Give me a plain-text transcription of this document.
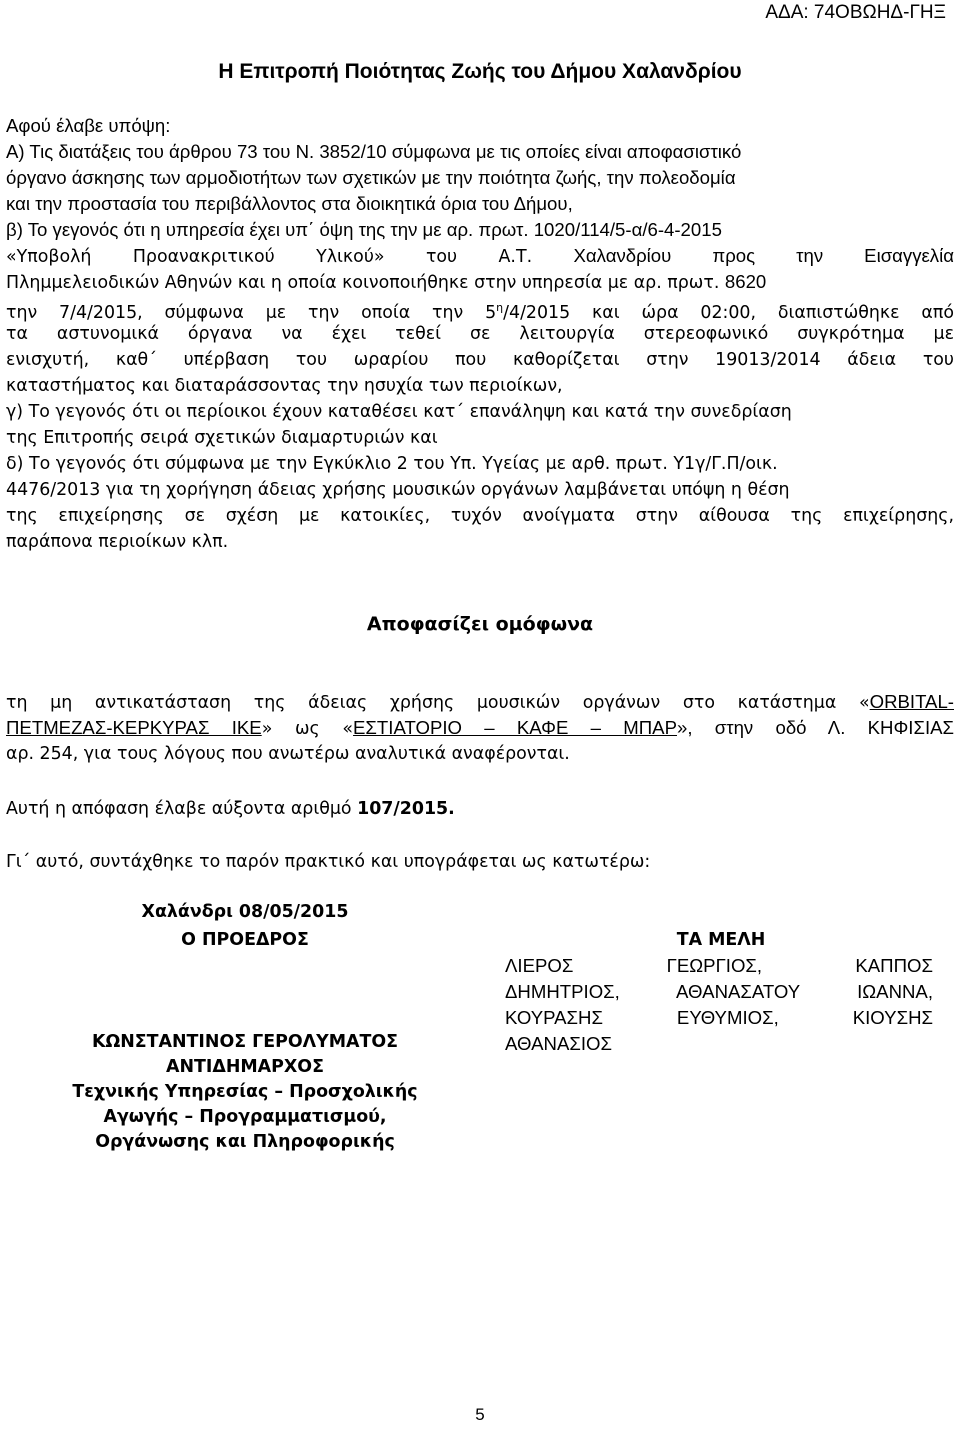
ΑΔΑ: 74ΟΒΩΗΔ-ΓΗΞ
Η Επιτροπή Ποιότητας Ζωής του Δήμου Χαλανδρίου
Αφού έλαβε υπόψη:
Α) Τις διατάξεις του άρθρου 73 του Ν. 3852/10 σύμφωνα με τις οποίες είναι αποφασιστικό
όργανο άσκησης των αρμοδιοτήτων των σχετικών με την ποιότητα ζωής, την πολεοδομία
και την προστασία του περιβάλλοντος στα διοικητικά όρια του Δήμου,
β) Το γεγονός ότι η υπηρεσία έχει υπ΄ όψη της την με αρ. πρωτ. 1020/114/5-α/6-4-2015
«Υποβολή Προανακριτικού Υλικού» του Α.Τ. Χαλανδρίου προς την Εισαγγελία
Πλημμελειοδικών Αθηνών και η οποία κοινοποιήθηκε στην υπηρεσία με αρ. πρωτ. 8620
την 7/4/2015, σύμφωνα με την οποία την $5^\eta/4/2015$ και ώρα 02:00, διαπιστώθηκε από
τα αστυνομικά όργανα να έχει τεθεί σε λειτουργία στερεοφωνικό συγκρότημα με
ενισχυτή, καθ΄ υπέρβαση του ωραρίου που καθορίζεται στην 19013/2014 άδεια του
καταστήματος και διαταράσσοντας την ησυχία των περιοίκων,
γ) Το γεγονός ότι οι περίοικοι έχουν καταθέσει κατ΄ επανάληψη και κατά την συνεδρίαση
της Επιτροπής σειρά σχετικών διαμαρτυριών και
δ) Το γεγονός ότι σύμφωνα με την Εγκύκλιο 2 του Υπ. Υγείας με αρθ. πρωτ. Υ1γ/Γ.Π/οικ.
4476/2013 για τη χορήγηση άδειας χρήσης μουσικών οργάνων λαμβάνεται υπόψη η θέση
της επιχείρησης σε σχέση με κατοικίες, τυχόν ανοίγματα στην αίθουσα της επιχείρησης,
παράπονα περιοίκων κλπ.
Αποφασίζει ομόφωνα
τη μη αντικατάσταση της άδειας χρήσης μουσικών οργάνων στο κατάστημα «ORBITAL-
ΠΕΤΜΕΖΑΣ-ΚΕΡΚΥΡΑΣ ΙΚΕ» ως «ΕΣΤΙΑΤΟΡΙΟ – ΚΑΦΕ – ΜΠΑΡ», στην οδό Λ. ΚΗΦΙΣΙΑΣ
αρ. 254, για τους λόγους που ανωτέρω αναλυτικά αναφέρονται.

Αυτή η απόφαση έλαβε αύξοντα αριθμό 107/2015.

Γι΄ αυτό, συντάχθηκε το παρόν πρακτικό και υπογράφεται ως κατωτέρω:

Χαλάνδρι 08/05/2015

Ο ΠΡΟΕΔΡΟΣ

ΚΩΝΣΤΑΝΤΙΝΟΣ ΓΕΡΟΛΥΜΑΤΟΣ
ΑΝΤΙΔΗΜΑΡΧΟΣ
Τεχνικής Υπηρεσίας – Προσχολικής
Αγωγής – Προγραμματισμού,
Οργάνωσης και Πληροφορικής
ΤΑ ΜΕΛΗ
ΛΙΕΡΟΣ ΓΕΩΡΓΙΟΣ, ΚΑΠΠΟΣ
ΔΗΜΗΤΡΙΟΣ, ΑΘΑΝΑΣΑΤΟΥ ΙΩΑΝΝΑ,
ΚΟΥΡΑΣΗΣ ΕΥΘΥΜΙΟΣ, ΚΙΟΥΣΗΣ
ΑΘΑΝΑΣΙΟΣ
5
